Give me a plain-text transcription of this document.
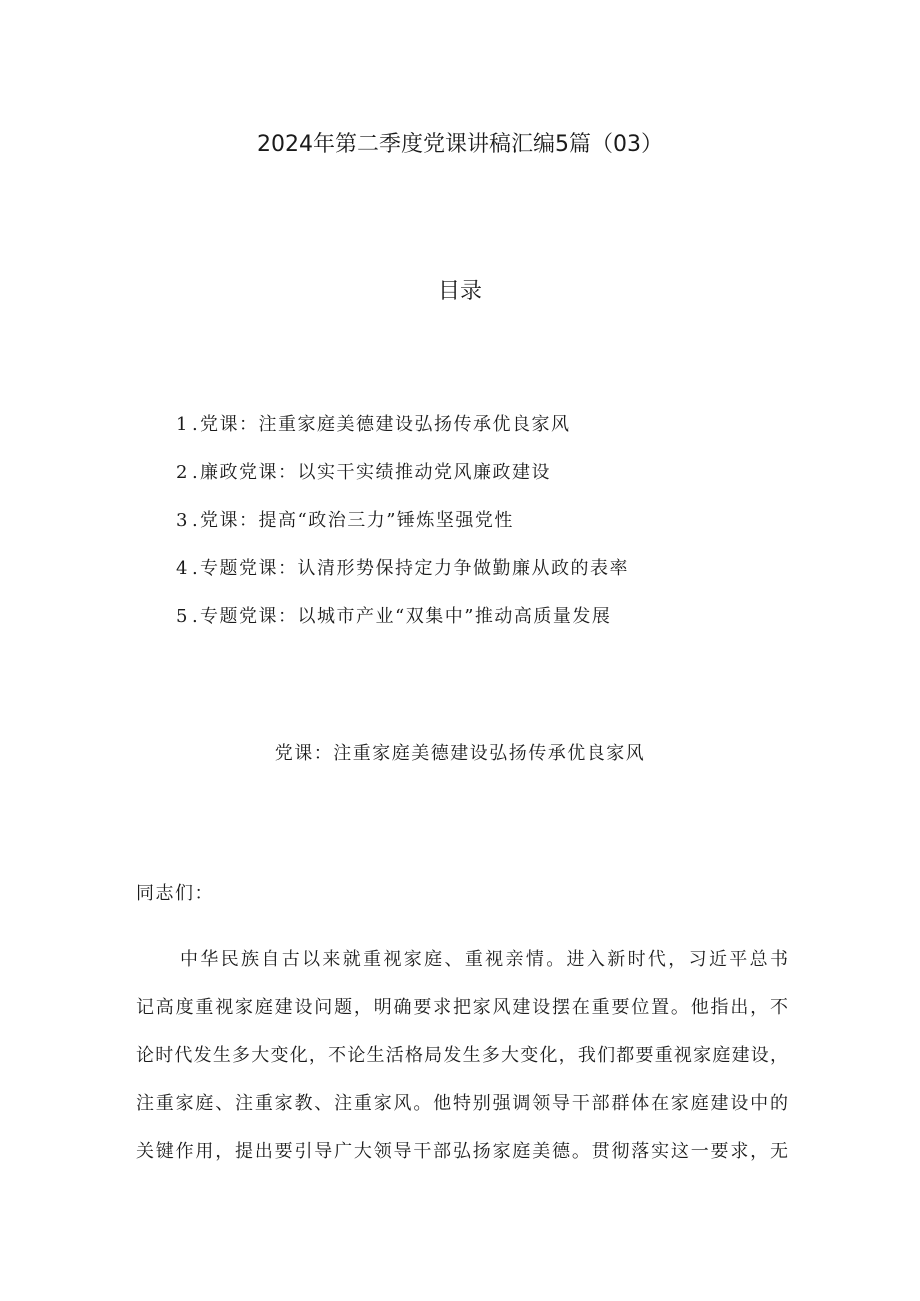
2024年第二季度党课讲稿汇编5篇（03）
目录
1 .党课：注重家庭美德建设弘扬传承优良家风
2 .廉政党课：以实干实绩推动党风廉政建设
3 .党课：提高“政治三力”锤炼坚强党性
4 .专题党课：认清形势保持定力争做勤廉从政的表率
5 .专题党课：以城市产业“双集中”推动高质量发展
党课：注重家庭美德建设弘扬传承优良家风
同志们：
中华民族自古以来就重视家庭、重视亲情。进入新时代，习近平总书
记高度重视家庭建设问题，明确要求把家风建设摆在重要位置。他指出，不
论时代发生多大变化，不论生活格局发生多大变化，我们都要重视家庭建设，
注重家庭、注重家教、注重家风。他特别强调领导干部群体在家庭建设中的
关键作用，提出要引导广大领导干部弘扬家庭美德。贯彻落实这一要求，无
